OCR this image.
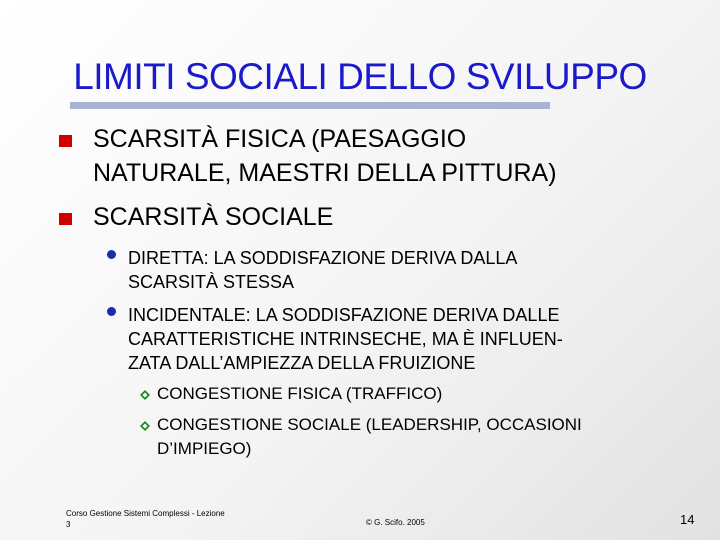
LIMITI SOCIALI DELLO SVILUPPO
SCARSITÀ FISICA (PAESAGGIO
NATURALE, MAESTRI DELLA PITTURA)
SCARSITÀ SOCIALE
DIRETTA: LA SODDISFAZIONE DERIVA DALLA
SCARSITÀ STESSA
INCIDENTALE: LA SODDISFAZIONE DERIVA DALLE
CARATTERISTICHE INTRINSECHE, MA È INFLUEN-
ZATA DALL’AMPIEZZA DELLA FRUIZIONE
CONGESTIONE FISICA (TRAFFICO)
CONGESTIONE SOCIALE (LEADERSHIP, OCCASIONI
D’IMPIEGO)
Corso Gestione Sistemi Complessi - Lezione
3	© G. Scifo. 2005	14
